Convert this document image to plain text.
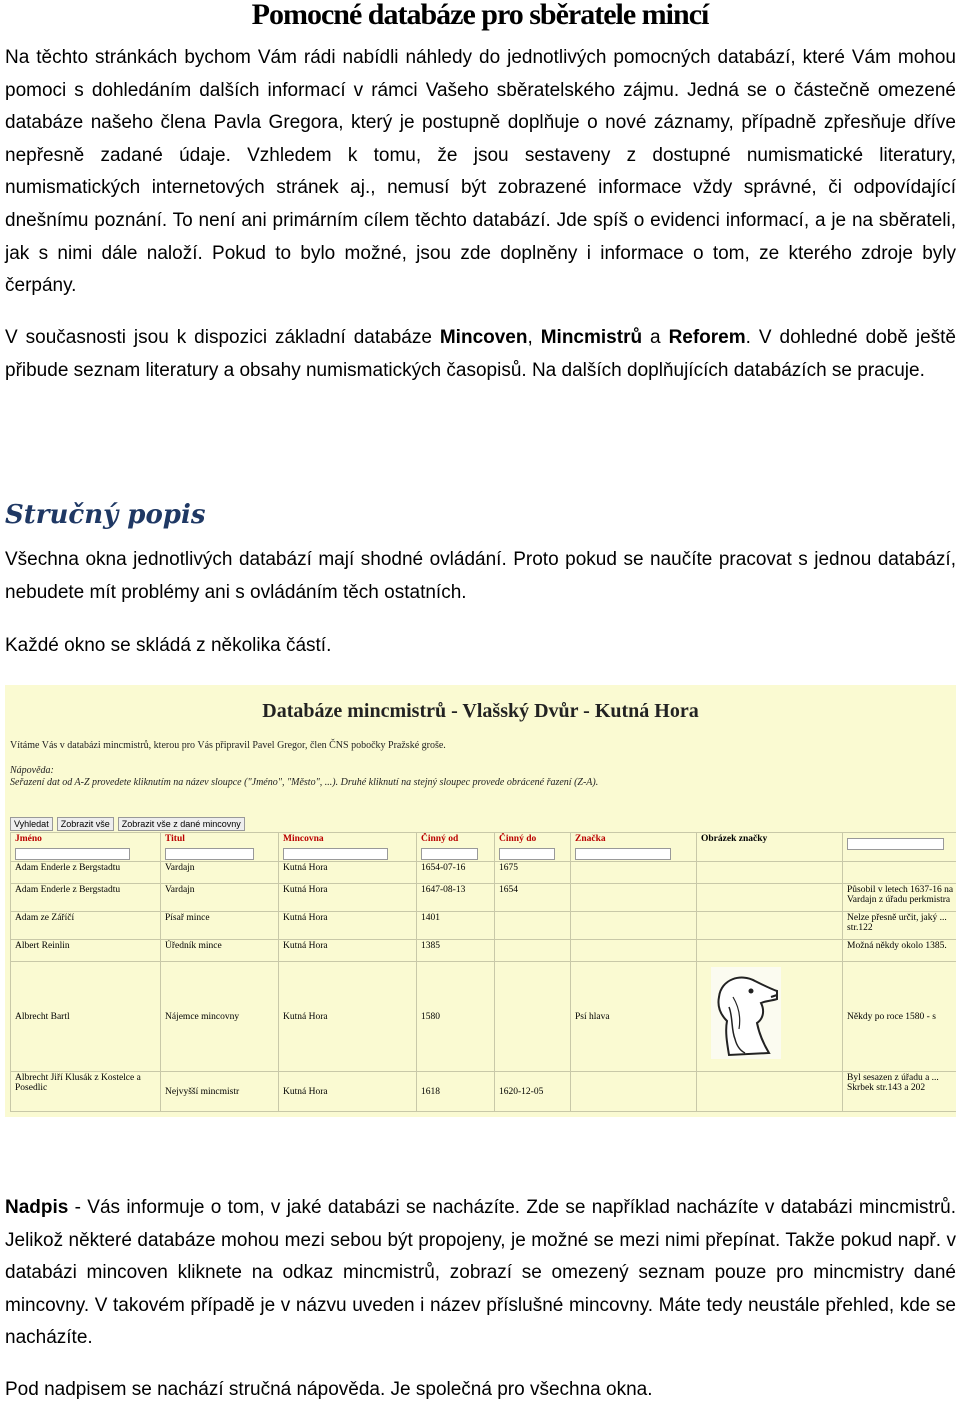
Pomocné databáze pro sběratele mincí

Na těchto stránkách bychom Vám rádi nabídli náhledy do jednotlivých pomocných databází, které Vám mohou pomoci s dohledáním dalších informací v rámci Vašeho sběratelského zájmu. Jedná se o částečně omezené databáze našeho člena Pavla Gregora, který je postupně doplňuje o nové záznamy, případně zpřesňuje dříve nepřesně zadané údaje. Vzhledem k tomu, že jsou sestaveny z dostupné numismatické literatury, numismatických internetových stránek aj., nemusí být zobrazené informace vždy správné, či odpovídající dnešnímu poznání. To není ani primárním cílem těchto databází. Jde spíš o evidenci informací, a je na sběrateli, jak s nimi dále naloží. Pokud to bylo možné, jsou zde doplněny i informace o tom, ze kterého zdroje byly čerpány.

V současnosti jsou k dispozici základní databáze Mincoven, Mincmistrů a Reforem. V dohledné době ještě přibude seznam literatury a obsahy numismatických časopisů. Na dalších doplňujících databázích se pracuje.

Stručný popis

Všechna okna jednotlivých databází mají shodné ovládání. Proto pokud se naučíte pracovat s jednou databází, nebudete mít problémy ani s ovládáním těch ostatních.

Každé okno se skládá z několika částí.

Databáze mincmistrů - Vlašský Dvůr - Kutná Hora
Vítáme Vás v databázi mincmistrů, kterou pro Vás připravil Pavel Gregor, člen ČNS pobočky Pražské groše.
Nápověda:
Seřazení dat od A-Z provedete kliknutím na název sloupce ("Jméno", "Město", ...). Druhé kliknutí na stejný sloupec provede obrácené řazení (Z-A).
Vyhledat	Zobrazit vše	Zobrazit vše z dané mincovny
Jméno	Titul	Mincovna	Činný od	Činný do	Značka	Obrázek značky	

Adam Enderle z Bergstadtu	Vardajn	Kutná Hora	1654-07-16	1675			
Adam Enderle z Bergstadtu	Vardajn	Kutná Hora	1647-08-13	1654			Působil v letech 1637-16 na Vardajn z úřadu perkmistra
Adam ze Záříčí	Písař mince	Kutná Hora	1401				Nelze přesně určit, jaký ... str.122
Albert Reinlin	Úředník mince	Kutná Hora	1385				Možná někdy okolo 1385.
Albrecht Bartl	Nájemce mincovny	Kutná Hora	1580		Psí hlava		Někdy po roce 1580 - s
Albrecht Jiří Klusák z Kostelce a Posedlic	Nejvyšší mincmistr	Kutná Hora	1618	1620-12-05			Byl sesazen z úřadu a ... Skrbek str.143 a 202

Nadpis - Vás informuje o tom, v jaké databázi se nacházíte. Zde se například nacházíte v databázi mincmistrů. Jelikož některé databáze mohou mezi sebou být propojeny, je možné se mezi nimi přepínat. Takže pokud např. v databázi mincoven kliknete na odkaz mincmistrů, zobrazí se omezený seznam pouze pro mincmistry dané mincovny. V takovém případě je v názvu uveden i název příslušné mincovny. Máte tedy neustále přehled, kde se nacházíte.

Pod nadpisem se nachází stručná nápověda. Je společná pro všechna okna.
